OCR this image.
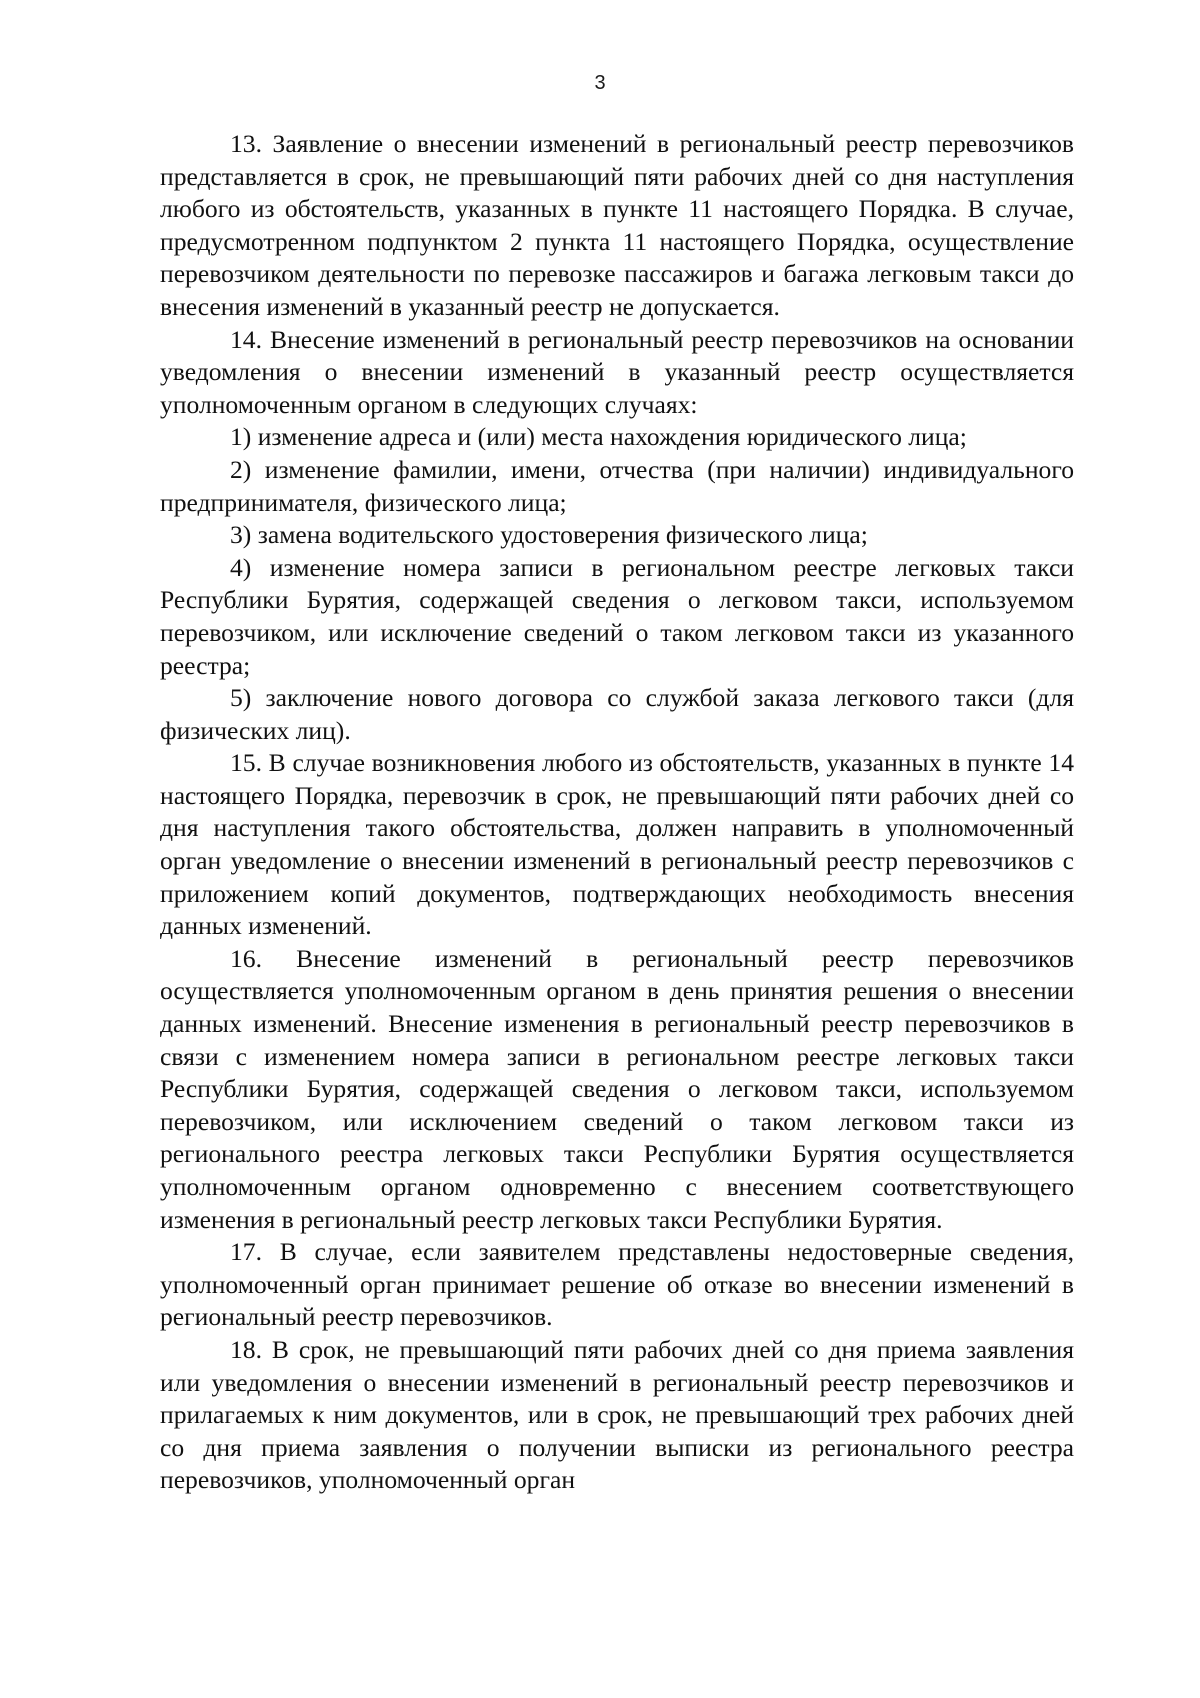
3

13. Заявление о внесении изменений в региональный реестр перевозчиков представляется в срок, не превышающий пяти рабочих дней со дня наступления любого из обстоятельств, указанных в пункте 11 настоящего Порядка. В случае, предусмотренном подпунктом 2 пункта 11 настоящего Порядка, осуществление перевозчиком деятельности по перевозке пассажиров и багажа легковым такси до внесения изменений в указанный реестр не допускается.

14. Внесение изменений в региональный реестр перевозчиков на основании уведомления о внесении изменений в указанный реестр осуществляется уполномоченным органом в следующих случаях:

1) изменение адреса и (или) места нахождения юридического лица;

2) изменение фамилии, имени, отчества (при наличии) индивидуального предпринимателя, физического лица;

3) замена водительского удостоверения физического лица;

4) изменение номера записи в региональном реестре легковых такси Республики Бурятия, содержащей сведения о легковом такси, используемом перевозчиком, или исключение сведений о таком легковом такси из указанного реестра;

5) заключение нового договора со службой заказа легкового такси (для физических лиц).

15. В случае возникновения любого из обстоятельств, указанных в пункте 14 настоящего Порядка, перевозчик в срок, не превышающий пяти рабочих дней со дня наступления такого обстоятельства, должен направить в уполномоченный орган уведомление о внесении изменений в региональный реестр перевозчиков с приложением копий документов, подтверждающих необходимость внесения данных изменений.

16. Внесение изменений в региональный реестр перевозчиков осуществляется уполномоченным органом в день принятия решения о внесении данных изменений. Внесение изменения в региональный реестр перевозчиков в связи с изменением номера записи в региональном реестре легковых такси Республики Бурятия, содержащей сведения о легковом такси, используемом перевозчиком, или исключением сведений о таком легковом такси из регионального реестра легковых такси Республики Бурятия осуществляется уполномоченным органом одновременно с внесением соответствующего изменения в региональный реестр легковых такси Республики Бурятия.

17. В случае, если заявителем представлены недостоверные сведения, уполномоченный орган принимает решение об отказе во внесении изменений в региональный реестр перевозчиков.

18. В срок, не превышающий пяти рабочих дней со дня приема заявления или уведомления о внесении изменений в региональный реестр перевозчиков и прилагаемых к ним документов, или в срок, не превышающий трех рабочих дней со дня приема заявления о получении выписки из регионального реестра перевозчиков, уполномоченный орган
